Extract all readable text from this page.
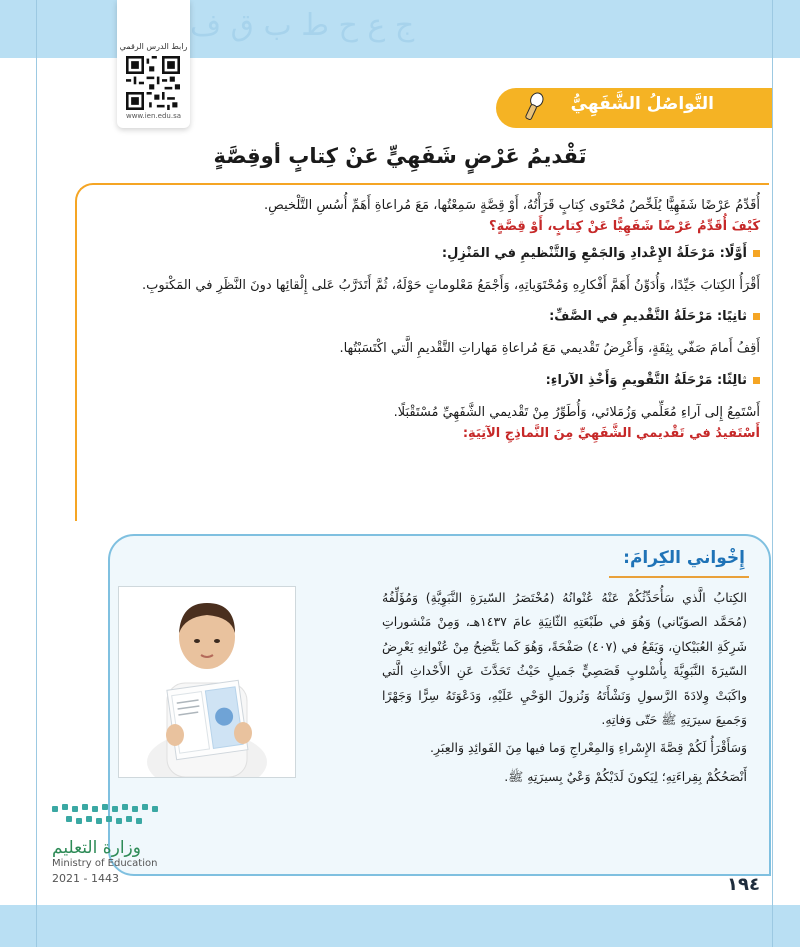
ج ع ح ط ب ق ف
رابط الدرس الرقمي
www.ien.edu.sa
التَّواصُلُ الشَّفَهِيُّ
تَقْديمُ عَرْضٍ شَفَهِيٍّ عَنْ كِتابٍ أوقِصَّةٍ

أُقَدِّمُ عَرْضًا شَفَهِيًّا يُلَخِّصُ مُحْتَوى كِتابٍ قَرَأْتُهُ، أَوْ قِصَّةٍ سَمِعْتُها، مَعَ مُراعاةِ أَهَمِّ أُسُسِ التَّلْخيصِ.

كَيْفَ أُقَدِّمُ عَرْضًا شَفَهِيًّا عَنْ كِتابٍ، أَوْ قِصَّةٍ؟

أَوَّلًا: مَرْحَلَةُ الإِعْدادِ وَالجَمْعِ وَالتَّنْظيمِ في المَنْزِلِ:

أَقْرَأُ الكِتابَ جَيِّدًا، وَأُدَوِّنُ أَهَمَّ أَفْكارِهِ وَمُحْتَوَياتِهِ، وَأَجْمَعُ مَعْلوماتٍ حَوْلَهُ، ثُمَّ أَتَدَرَّبُ عَلى إِلْقائِها دونَ النَّظَرِ في المَكْتوبِ.

ثانِيًا: مَرْحَلَةُ التَّقْديمِ في الصَّفِّ:

أَقِفُ أَمامَ صَفّي بِثِقَةٍ، وَأَعْرِضُ تَقْديمي مَعَ مُراعاةِ مَهاراتِ التَّقْديمِ الَّتي اكْتَسَبْتُها.

ثالِثًا: مَرْحَلَةُ التَّقْويمِ وَأَخْذِ الآراءِ:

أَسْتَمِعُ إِلى آراءِ مُعَلِّمي وَزُمَلائي، وَأُطَوِّرُ مِنْ تَقْديمي الشَّفَهِيِّ مُسْتَقْبَلًا.

أَسْتَفيدُ في تَقْديمي الشَّفَهِيِّ مِنَ النَّماذِجِ الآتِيَةِ:

إِخْواني الكِرامَ:

الكِتابُ الَّذي سَأُحَدِّثُكُمْ عَنْهُ عُنْوانُهُ (مُخْتَصَرُ السّيرَةِ النَّبَوِيَّةِ) وَمُؤَلِّفُهُ (مُحَمَّد الصوَيّاني) وَهُوَ في طَبْعَتِهِ الثّانِيَةِ عامَ ١٤٣٧هـ، وَمِنْ مَنْشوراتِ شَرِكَةِ العُبَيْكانِ، وَيَقَعُ في (٤٠٧) صَفْحَةً، وَهُوَ كَما يَتَّضِحُ مِنْ عُنْوانِهِ يَعْرِضُ السّيرَةَ النَّبَوِيَّةَ بِأُسْلوبٍ قَصَصِيٍّ جَميلٍ حَيْثُ تَحَدَّثَ عَنِ الأَحْداثِ الَّتي واكَبَتْ وِلادَةَ الرَّسولِ وَنَشْأَتَهُ وَنُزولَ الوَحْيِ عَلَيْهِ، وَدَعْوَتَهُ سِرًّا وَجَهْرًا وَجَميعَ سيرَتِهِ ﷺ حَتّى وَفاتِهِ.

وَسَأَقْرَأُ لَكُمْ قِصَّةَ الإِسْراءِ وَالمِعْراجِ وَما فيها مِنَ الفَوائِدِ وَالعِبَرِ.

أَنْصَحُكُمْ بِقِراءَتِهِ؛ لِيَكونَ لَدَيْكُمْ وَعْيٌ بِسيرَتِهِ ﷺ.

وزارة التعليم
Ministry of Education
2021 - 1443	١٩٤
